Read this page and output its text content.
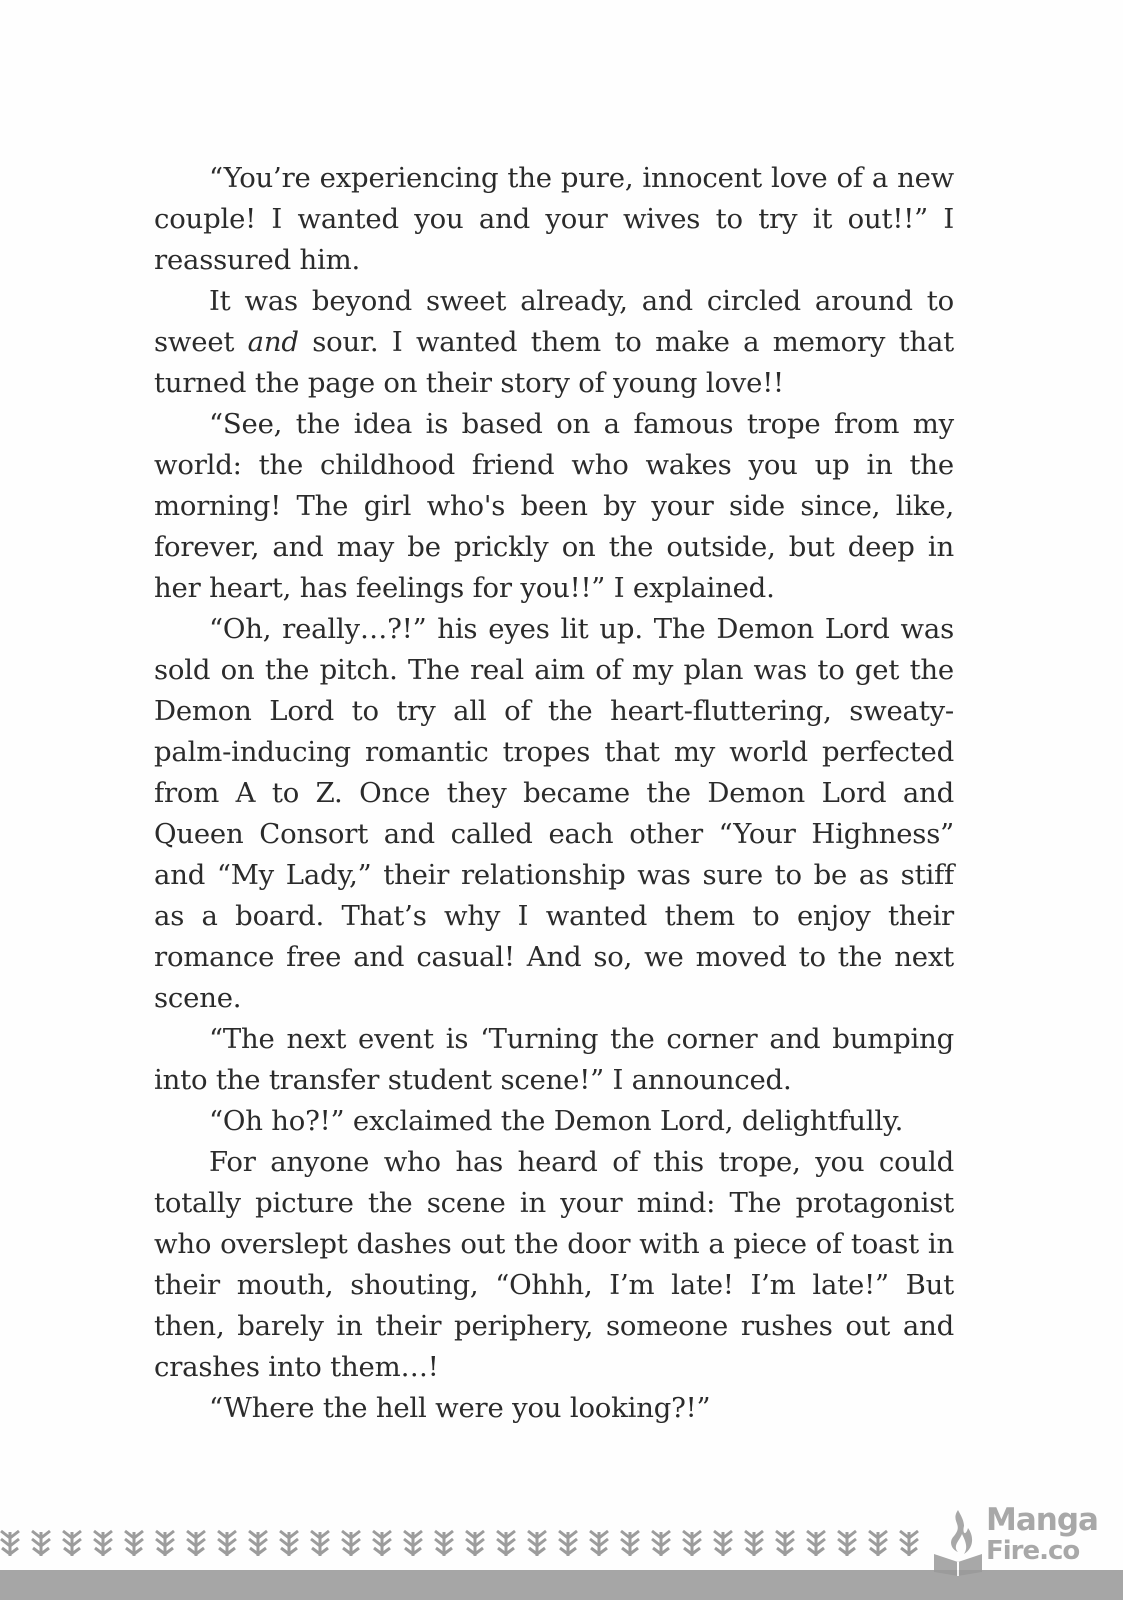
“You’re experiencing the pure, innocent love of a new couple! I wanted you and your wives to try it out!!” I reassured him.

It was beyond sweet already, and circled around to sweet and sour. I wanted them to make a memory that turned the page on their story of young love!!

“See, the idea is based on a famous trope from my world: the childhood friend who wakes you up in the morning! The girl who's been by your side since, like, forever, and may be prickly on the outside, but deep in her heart, has feelings for you!!” I explained.

“Oh, really…?!” his eyes lit up. The Demon Lord was sold on the pitch. The real aim of my plan was to get the Demon Lord to try all of the heart-fluttering, sweaty-palm-inducing romantic tropes that my world perfected from A to Z. Once they became the Demon Lord and Queen Consort and called each other “Your Highness” and “My Lady,” their relationship was sure to be as stiff as a board. That’s why I wanted them to enjoy their romance free and casual! And so, we moved to the next scene.

“The next event is ‘Turning the corner and bumping into the transfer student scene!” I announced.

“Oh ho?!” exclaimed the Demon Lord, delightfully.

For anyone who has heard of this trope, you could totally picture the scene in your mind: The protagonist who overslept dashes out the door with a piece of toast in their mouth, shouting, “Ohhh, I’m late! I’m late!” But then, barely in their periphery, someone rushes out and crashes into them…!

“Where the hell were you looking?!”

Manga
Fire.co
